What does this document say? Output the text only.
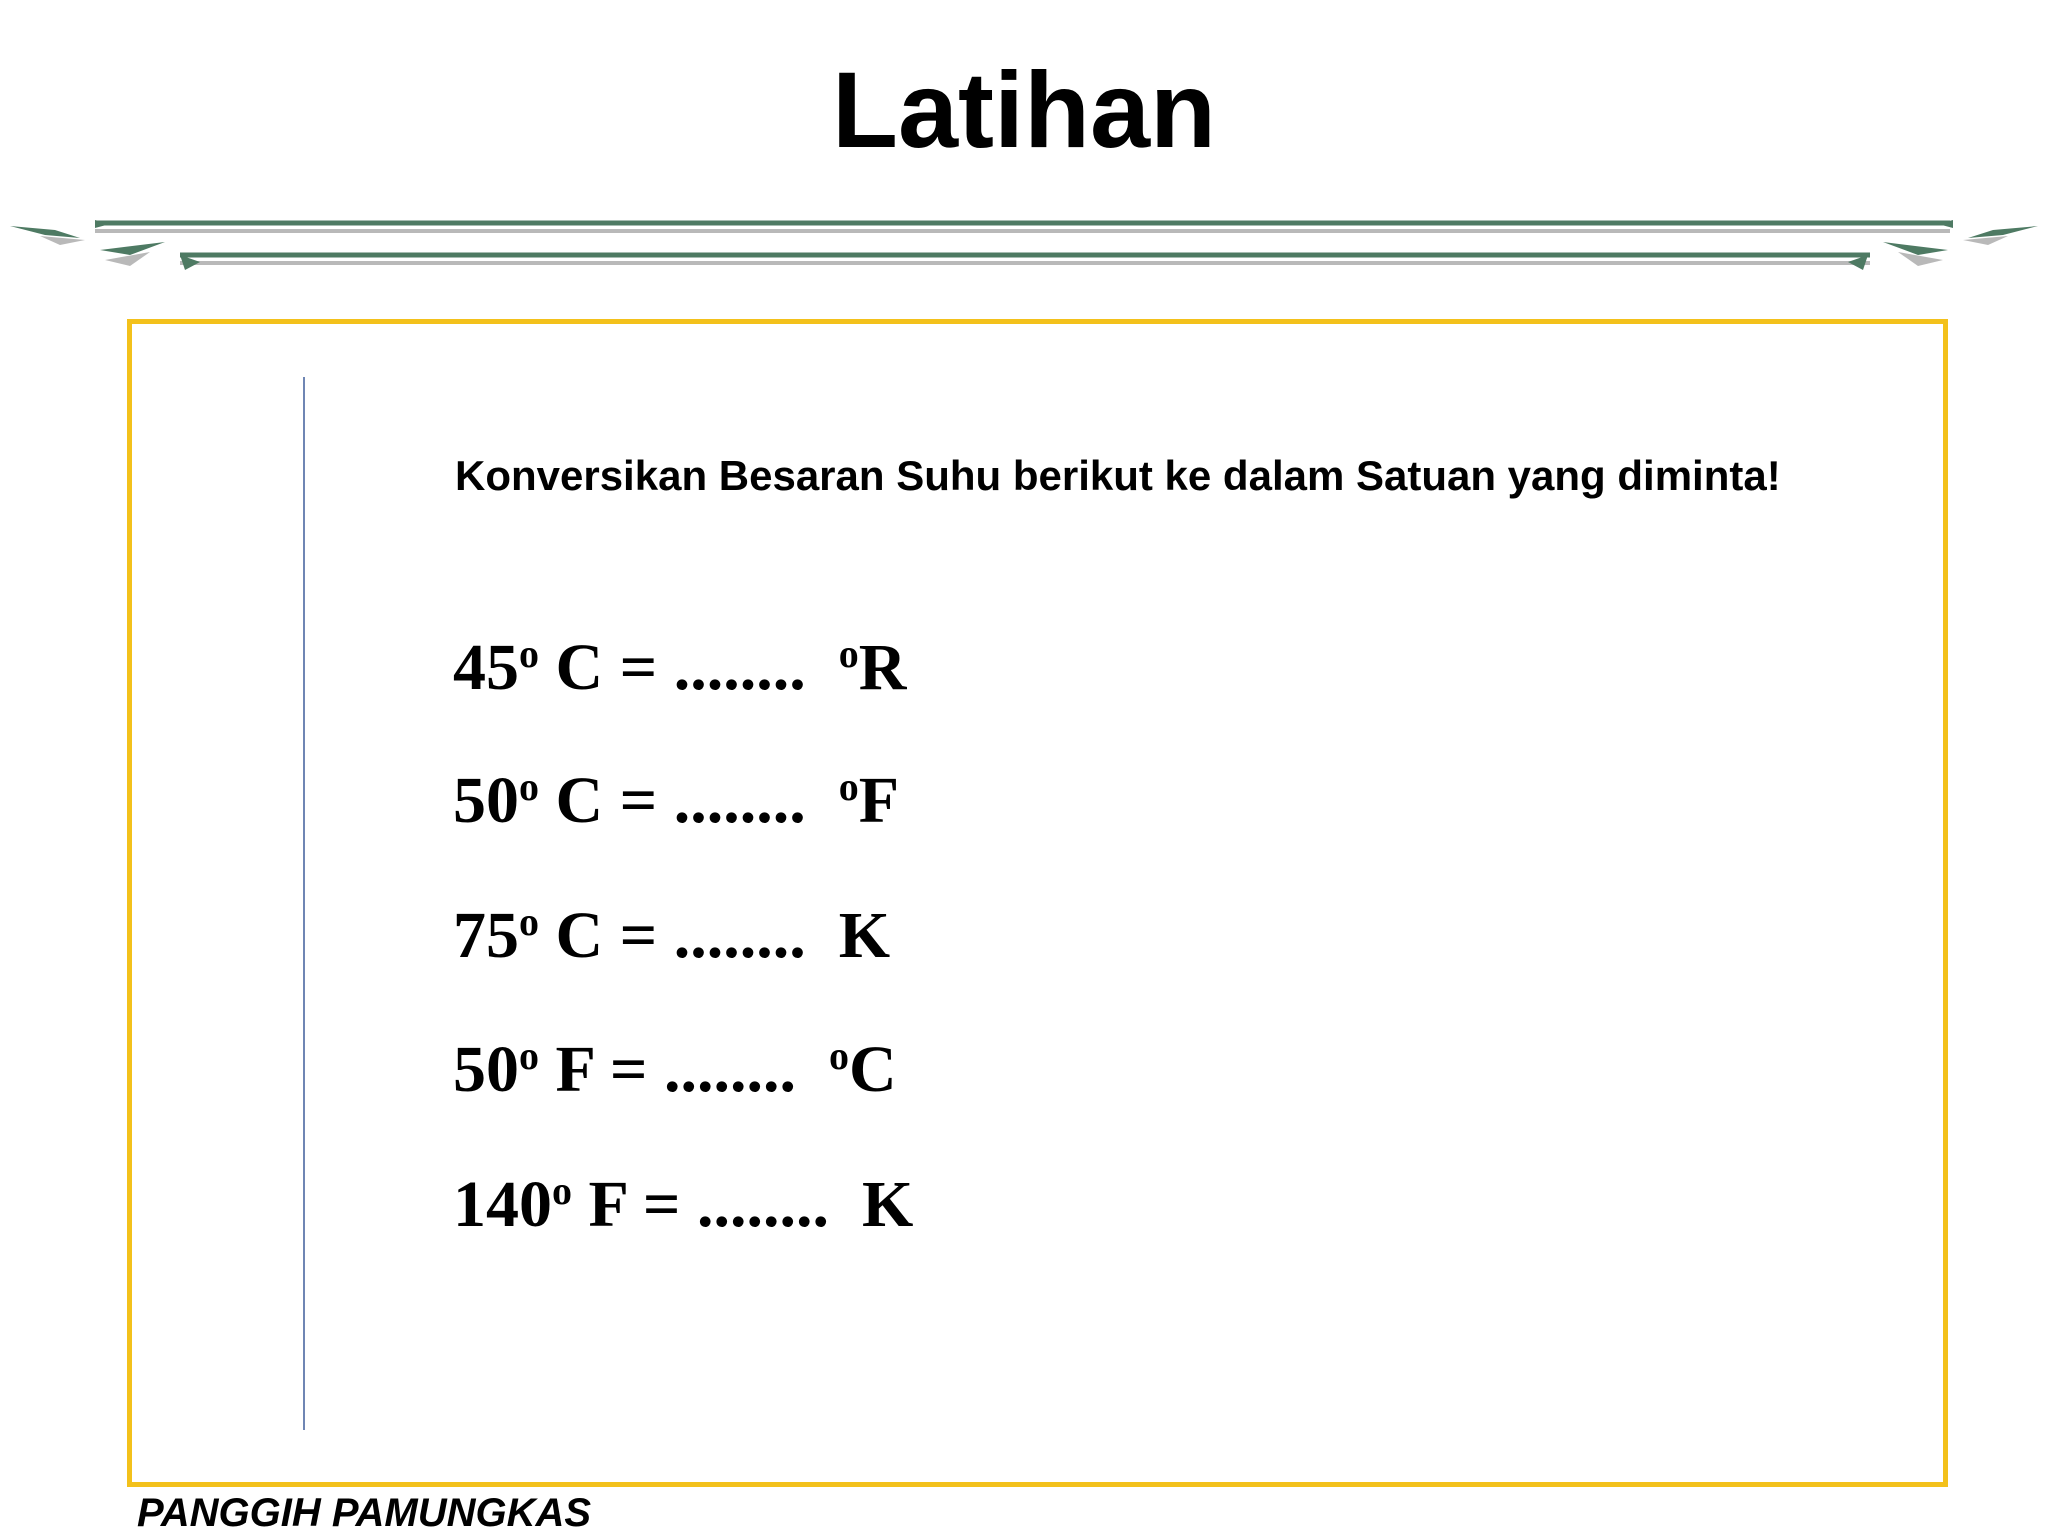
Latihan
Konversikan Besaran Suhu berikut ke dalam Satuan yang diminta!
45$^o$ C = ........ $^o$R
50$^o$ C = ........ $^o$F
75$^o$ C = ........ K
50$^o$ F = ........ $^o$C
140$^o$ F = ........ K
PANGGIH PAMUNGKAS
